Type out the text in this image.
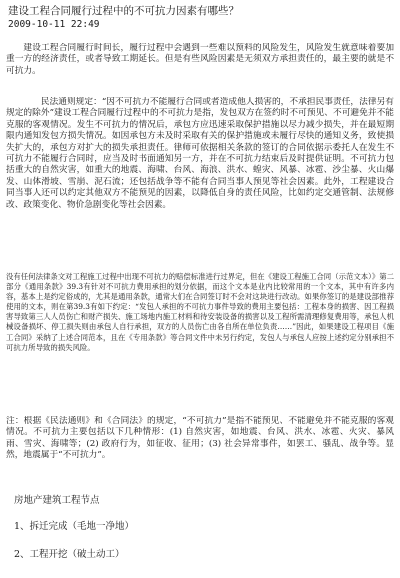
建设工程合同履行过程中的不可抗力因素有哪些？
2009-10-11 22:49

建设工程合同履行时间长，履行过程中会遇到一些难以预料的风险发生，风险发生就意味着要加重一方的经济责任，或者导致工期延长。但是有些风险因素是无须双方承担责任的，最主要的就是不可抗力。

民法通则规定：“因不可抗力不能履行合同或者造成他人损害的，不承担民事责任，法律另有规定的除外”建设工程合同履行过程中的不可抗力是指，发包双方在签约时不可预见、不可避免并不能克服的客观情况。发生不可抗力的情况后，承包方应迅速采取保护措施以尽力减少损失，并在最短期限内通知发包方损失情况。如因承包方未及时采取有关的保护措施或未履行尽快的通知义务，致使损失扩大的，承包方对扩大的损失承担责任。律师可依据相关条款的签订的合同依据示委托人在发生不可抗力不能履行合同时，应当及时书面通知另一方，并在不可抗力结束后及时提供证明。不可抗力包括重大的自然灾害，如重大的地震、海啸、台风、海浪、洪水、蝗灾、风暴、冰雹、沙尘暴、火山爆发、山体滑坡、雪崩、泥石流；还包括战争等不能有合同当事人预见等社会因素。此外，工程建设合同当事人还可以约定其他双方不能预见的因素，以降低自身的责任风险，比如约定交通管制、法规修改、政策变化、物价急剧变化等社会因素。

没有任何法律条文对工程施工过程中出现不可抗力的赔偿标准进行过界定，但在《建设工程施工合同（示范文本）》第二部分《通用条款》39.3有针对不可抗力费用承担的划分依据，而这个文本是业内比较常用的一个文本，其中有许多内容，基本上是约定俗成的，尤其是通用条款，通常大们在合同签订时不会对这块进行改动。如果你签订的是建设部推荐使用的文本，则在第39.3有如下约定：“发包人承担的不可抗力事件导致的费用主要包括：工程本身的损害、因工程损害导致第三人人员伤亡和财产损失、施工场地内施工材料和待安装设备的损害以及工程所需清理修复费用等，承包人机械设备损坏、停工损失则由承包人自行承担，双方的人员伤亡由各自所在单位负责……”因此，如果建设工程项目《施工合同》采纳了上述合同范本，且在《专用条款》等合同文件中未另行约定，发包人与承包人应按上述约定分别承担不可抗力所导致的损失风险。

注：根据《民法通则》和《合同法》的规定，“不可抗力”是指不能预见、不能避免并不能克服的客观情况。不可抗力主要包括以下几种情形：(1) 自然灾害，如地震、台风、洪水、冰雹、火灾、暴风雨、雪灾、海啸等；(2) 政府行为，如征收、征用；(3) 社会异常事件，如罢工、骚乱、战争等。显然，地震属于“不可抗力”。

房地产建筑工程节点

1、拆迁完成（毛地一净地）

2、工程开挖（破土动工）
